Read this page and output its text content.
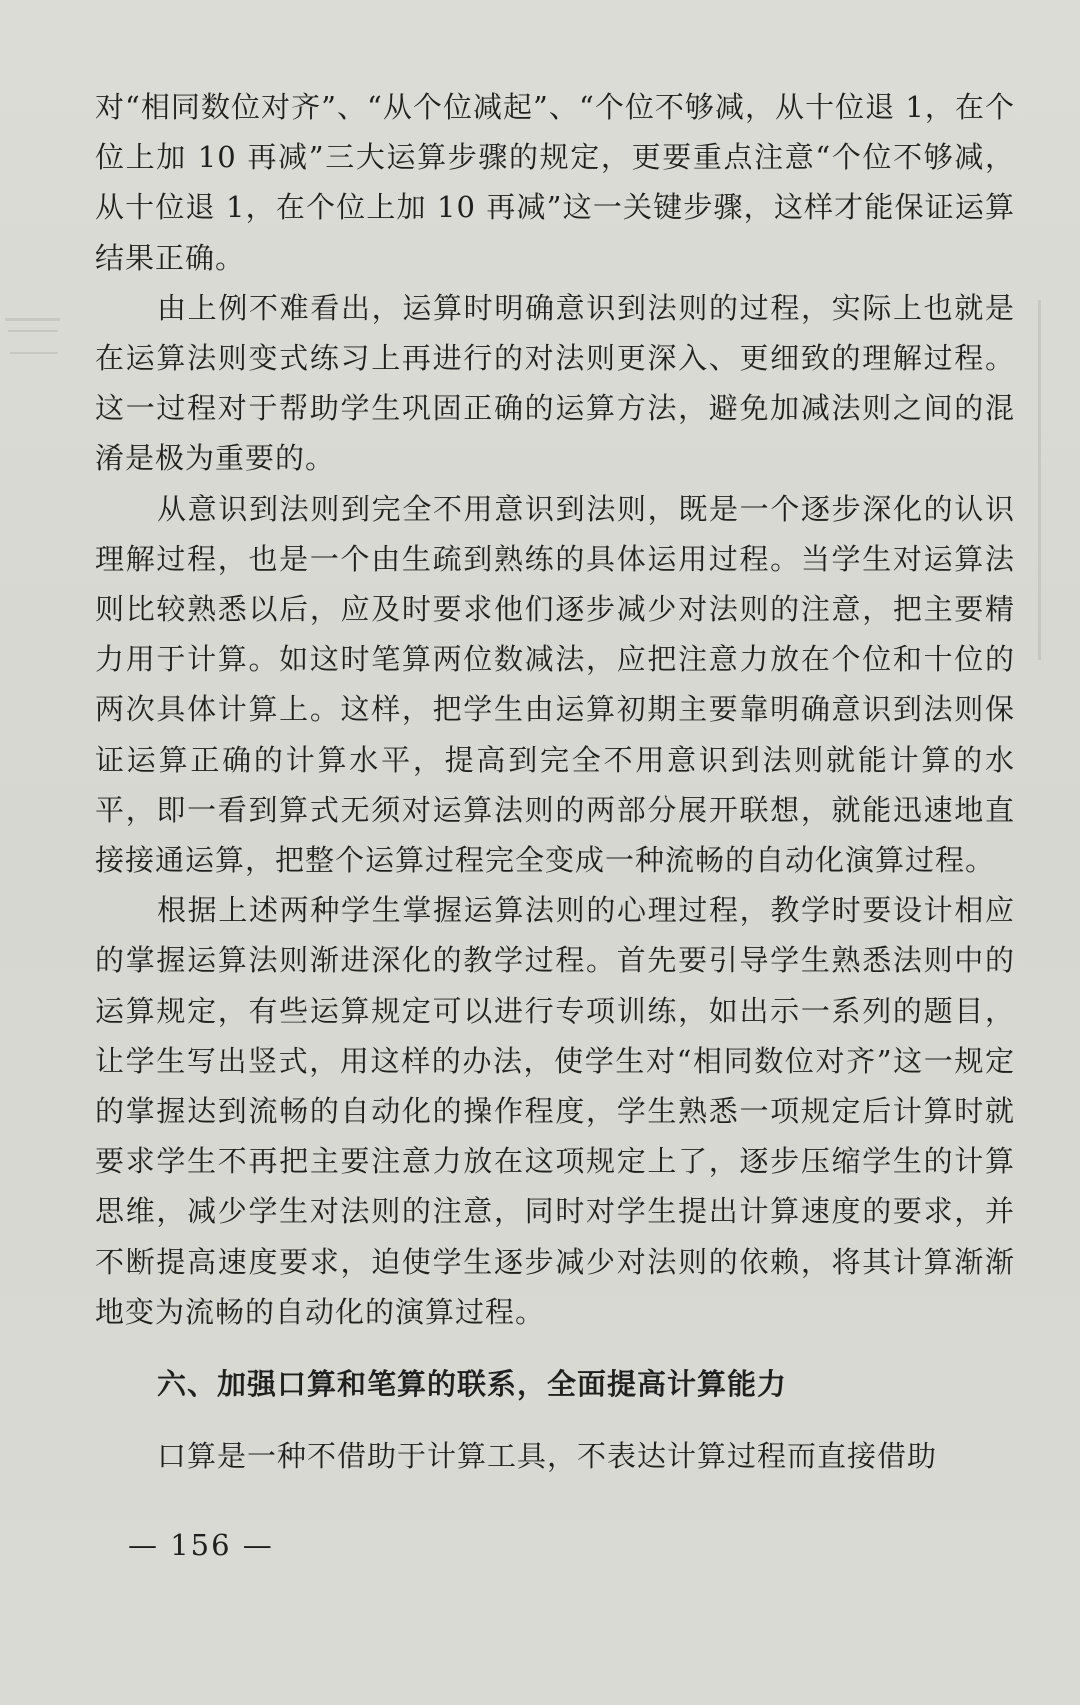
对“相同数位对齐”、“从个位减起”、“个位不够减，从十位退 1，在个位上加 10 再减”三大运算步骤的规定，更要重点注意“个位不够减，从十位退 1，在个位上加 10 再减”这一关键步骤，这样才能保证运算结果正确。

由上例不难看出，运算时明确意识到法则的过程，实际上也就是在运算法则变式练习上再进行的对法则更深入、更细致的理解过程。这一过程对于帮助学生巩固正确的运算方法，避免加减法则之间的混淆是极为重要的。

从意识到法则到完全不用意识到法则，既是一个逐步深化的认识理解过程，也是一个由生疏到熟练的具体运用过程。当学生对运算法则比较熟悉以后，应及时要求他们逐步减少对法则的注意，把主要精力用于计算。如这时笔算两位数减法，应把注意力放在个位和十位的两次具体计算上。这样，把学生由运算初期主要靠明确意识到法则保证运算正确的计算水平，提高到完全不用意识到法则就能计算的水平，即一看到算式无须对运算法则的两部分展开联想，就能迅速地直接接通运算，把整个运算过程完全变成一种流畅的自动化演算过程。

根据上述两种学生掌握运算法则的心理过程，教学时要设计相应的掌握运算法则渐进深化的教学过程。首先要引导学生熟悉法则中的运算规定，有些运算规定可以进行专项训练，如出示一系列的题目，让学生写出竖式，用这样的办法，使学生对“相同数位对齐”这一规定的掌握达到流畅的自动化的操作程度，学生熟悉一项规定后计算时就要求学生不再把主要注意力放在这项规定上了，逐步压缩学生的计算思维，减少学生对法则的注意，同时对学生提出计算速度的要求，并不断提高速度要求，迫使学生逐步减少对法则的依赖，将其计算渐渐地变为流畅的自动化的演算过程。

六、加强口算和笔算的联系，全面提高计算能力

口算是一种不借助于计算工具，不表达计算过程而直接借助

— 156 —
